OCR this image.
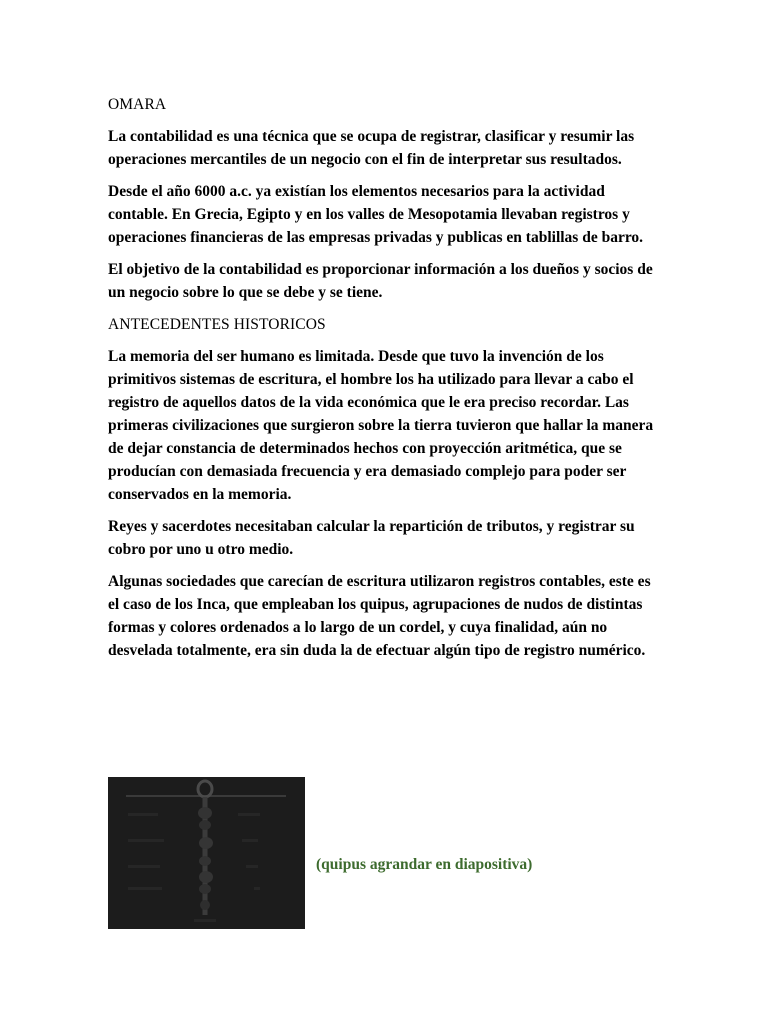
OMARA

La contabilidad es una técnica que se ocupa de registrar, clasificar y resumir las operaciones mercantiles de un negocio con el fin de interpretar sus resultados.

Desde el año 6000 a.c. ya existían los elementos necesarios para la actividad contable. En Grecia, Egipto y en los valles de Mesopotamia llevaban registros y operaciones financieras de las empresas privadas y publicas en tablillas de barro.

El objetivo de la contabilidad es proporcionar información a los dueños y socios de un negocio sobre lo que se debe y se tiene.

ANTECEDENTES HISTORICOS

La memoria del ser humano es limitada. Desde que tuvo la invención de los primitivos sistemas de escritura, el hombre los ha utilizado para llevar a cabo el registro de aquellos datos de la vida económica que le era preciso recordar. Las primeras civilizaciones que surgieron sobre la tierra tuvieron que hallar la manera de dejar constancia de determinados hechos con proyección aritmética, que se producían con demasiada frecuencia y era demasiado complejo para poder ser conservados en la memoria.

Reyes y sacerdotes necesitaban calcular la repartición de tributos, y registrar su cobro por uno u otro medio.

Algunas sociedades que carecían de escritura utilizaron registros contables, este es el caso de los Inca, que empleaban los quipus, agrupaciones de nudos de distintas formas y colores ordenados a lo largo de un cordel, y cuya finalidad, aún no desvelada totalmente, era sin duda la de efectuar algún tipo de registro numérico.

(quipus agrandar en diapositiva)
